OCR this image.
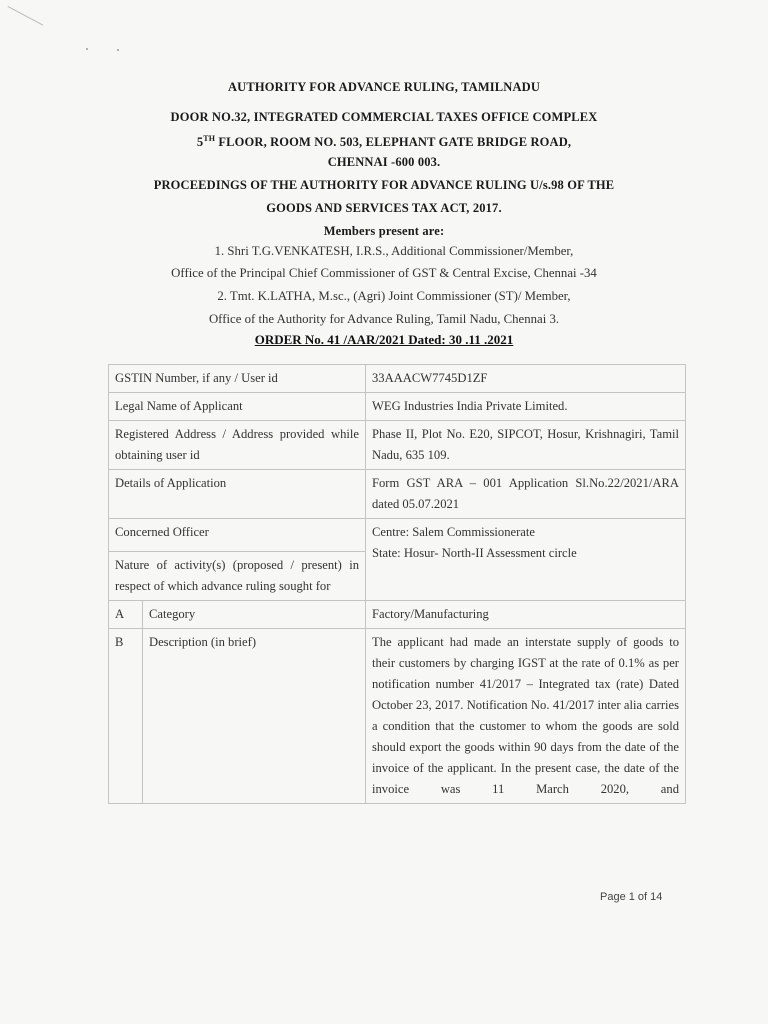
AUTHORITY FOR ADVANCE RULING, TAMILNADU
DOOR NO.32, INTEGRATED COMMERCIAL TAXES OFFICE COMPLEX
5TH FLOOR, ROOM NO. 503, ELEPHANT GATE BRIDGE ROAD,
CHENNAI -600 003.
PROCEEDINGS OF THE AUTHORITY FOR ADVANCE RULING U/s.98 OF THE
GOODS AND SERVICES TAX ACT, 2017.
Members present are:
1. Shri T.G.VENKATESH, I.R.S., Additional Commissioner/Member,
Office of the Principal Chief Commissioner of GST & Central Excise, Chennai -34
2. Tmt. K.LATHA, M.sc., (Agri) Joint Commissioner (ST)/ Member,
Office of the Authority for Advance Ruling, Tamil Nadu, Chennai 3.
ORDER No. 41 /AAR/2021 Dated: 30 .11 .2021
GSTIN Number, if any / User id		33AAACW7745D1ZF
Legal Name of Applicant		WEG Industries India Private Limited.
Registered Address / Address provided while obtaining user id		Phase II, Plot No. E20, SIPCOT, Hosur, Krishnagiri, Tamil Nadu, 635 109.
Details of Application		Form GST ARA – 001 Application Sl.No.22/2021/ARA dated 05.07.2021
Concerned Officer		Centre: Salem Commissionerate
State: Hosur- North-II Assessment circle

Nature of activity(s) (proposed / present) in respect of which advance ruling sought for		
A	Category	Factory/Manufacturing
B	Description (in brief)	The applicant had made an interstate supply of goods to their customers by charging IGST at the rate of 0.1% as per notification number 41/2017 – Integrated tax (rate) Dated October 23, 2017. Notification No. 41/2017 inter alia carries a condition that the customer to whom the goods are sold should export the goods within 90 days from the date of the invoice of the applicant. In the present case, the date of the invoice was 11 March 2020, and
Page 1 of 14
